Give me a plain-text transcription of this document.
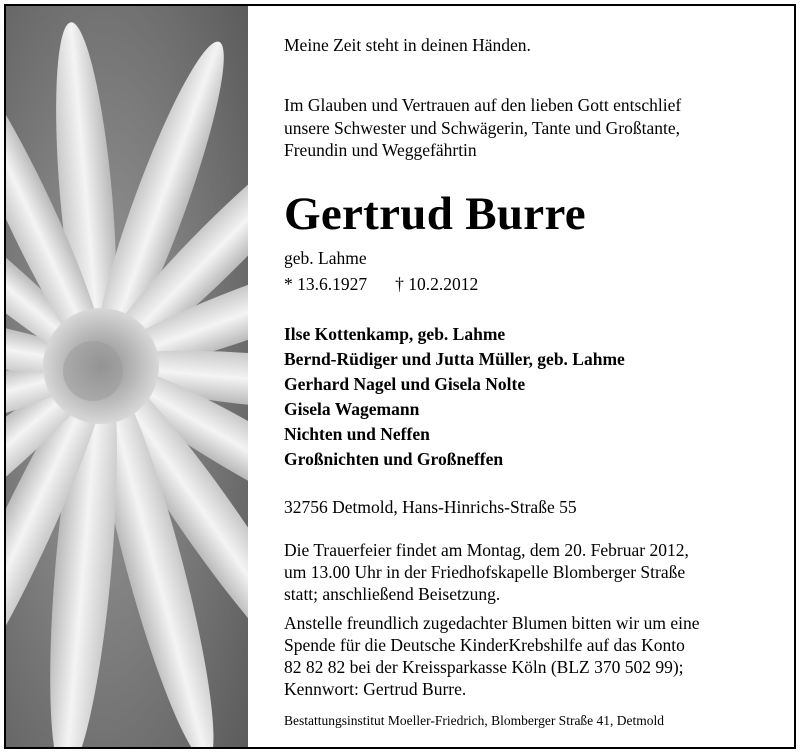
Meine Zeit steht in deinen Händen.
Im Glauben und Vertrauen auf den lieben Gott entschlief
unsere Schwester und Schwägerin, Tante und Großtante,
Freundin und Weggefährtin
Gertrud Burre
geb. Lahme
* 13.6.1927 † 10.2.2012
Ilse Kottenkamp, geb. Lahme
Bernd-Rüdiger und Jutta Müller, geb. Lahme
Gerhard Nagel und Gisela Nolte
Gisela Wagemann
Nichten und Neffen
Großnichten und Großneffen
32756 Detmold, Hans-Hinrichs-Straße 55
Die Trauerfeier findet am Montag, dem 20. Februar 2012,
um 13.00 Uhr in der Friedhofskapelle Blomberger Straße
statt; anschließend Beisetzung.
Anstelle freundlich zugedachter Blumen bitten wir um eine
Spende für die Deutsche KinderKrebshilfe auf das Konto
82 82 82 bei der Kreissparkasse Köln (BLZ 370 502 99);
Kennwort: Gertrud Burre.
Bestattungsinstitut Moeller-Friedrich, Blomberger Straße 41, Detmold
